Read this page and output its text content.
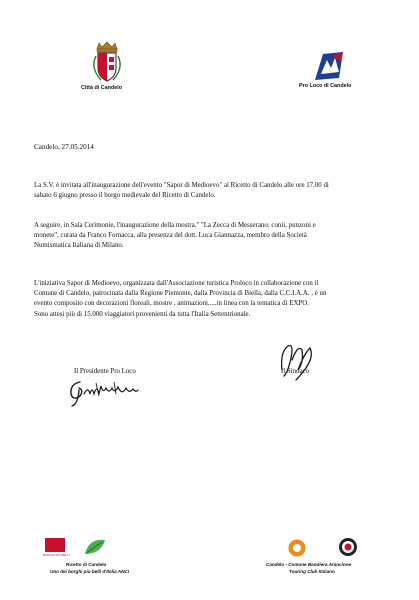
Città di Candelo	Pro Loco di Candelo
Candelo, 27.05.2014
La S.V. è invitata all'inaugurazione dell'evento "Sapor di Medioevo" al Ricetto di Candelo alle ore 17.00 di
sabato 6 giugno presso il borgo medievale del Ricetto di Candelo.
A seguire, in Sala Cerimonie, l'inaugurazione della mostra." "La Zecca di Messerano: conii, punzoni e
monete", curata da Franco Fornacca, alla presenza del dott. Luca Giannazza, membro della Società
Numismatica Italiana di Milano.
L'iniziativa Sapor di Medioevo, organizzata dall'Associazione turistica Proloco in collaborazione con il
Comune di Candelo, patrocinata dalla Regione Piemonte, dalla Provincia di Biella, dalla C.C.I.A.A. , è un
evento composito con decorazioni floreali, mostre , animazioni.....in linea con la tematica di EXPO.
Sono attesi più di 15.000 viaggiatori provenienti da tutta l'Italia Settentrionale.
Il Presidente Pro Loco	Il Sindaco
BORGHI PIÙ BELLI
Ricetto di Candelo
Uno dei borghi più belli d'Italia ANCI
Candelo - Comune Bandiera Arancione
Touring Club Italiano
